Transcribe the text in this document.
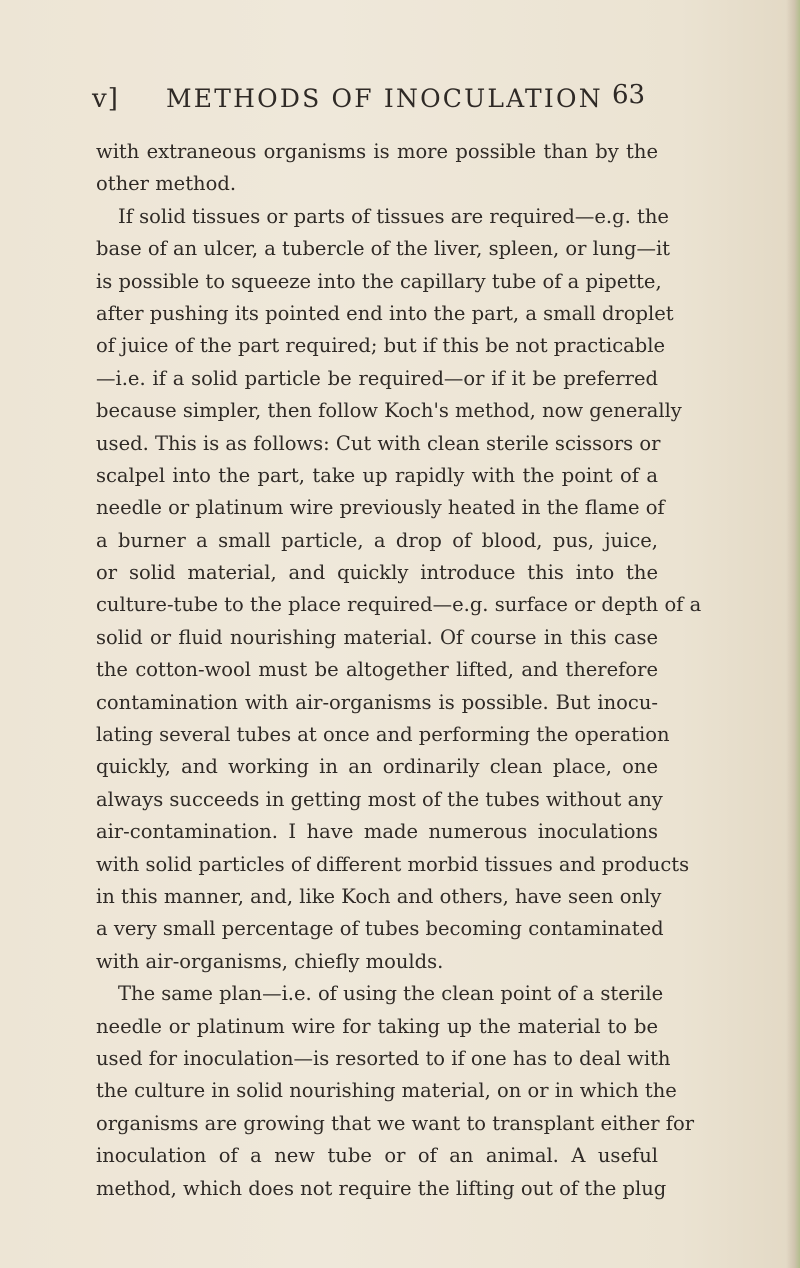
v] METHODS OF INOCULATION 63
with extraneous organisms is more possible than by the
other method.
If solid tissues or parts of tissues are required—e.g. the
base of an ulcer, a tubercle of the liver, spleen, or lung—it
is possible to squeeze into the capillary tube of a pipette,
after pushing its pointed end into the part, a small droplet
of juice of the part required; but if this be not practicable
—i.e. if a solid particle be required—or if it be preferred
because simpler, then follow Koch's method, now generally
used. This is as follows: Cut with clean sterile scissors or
scalpel into the part, take up rapidly with the point of a
needle or platinum wire previously heated in the flame of
a burner a small particle, a drop of blood, pus, juice,
or solid material, and quickly introduce this into the
culture-tube to the place required—e.g. surface or depth of a
solid or fluid nourishing material. Of course in this case
the cotton-wool must be altogether lifted, and therefore
contamination with air-organisms is possible. But inocu-
lating several tubes at once and performing the operation
quickly, and working in an ordinarily clean place, one
always succeeds in getting most of the tubes without any
air-contamination. I have made numerous inoculations
with solid particles of different morbid tissues and products
in this manner, and, like Koch and others, have seen only
a very small percentage of tubes becoming contaminated
with air-organisms, chiefly moulds.
The same plan—i.e. of using the clean point of a sterile
needle or platinum wire for taking up the material to be
used for inoculation—is resorted to if one has to deal with
the culture in solid nourishing material, on or in which the
organisms are growing that we want to transplant either for
inoculation of a new tube or of an animal. A useful
method, which does not require the lifting out of the plug
